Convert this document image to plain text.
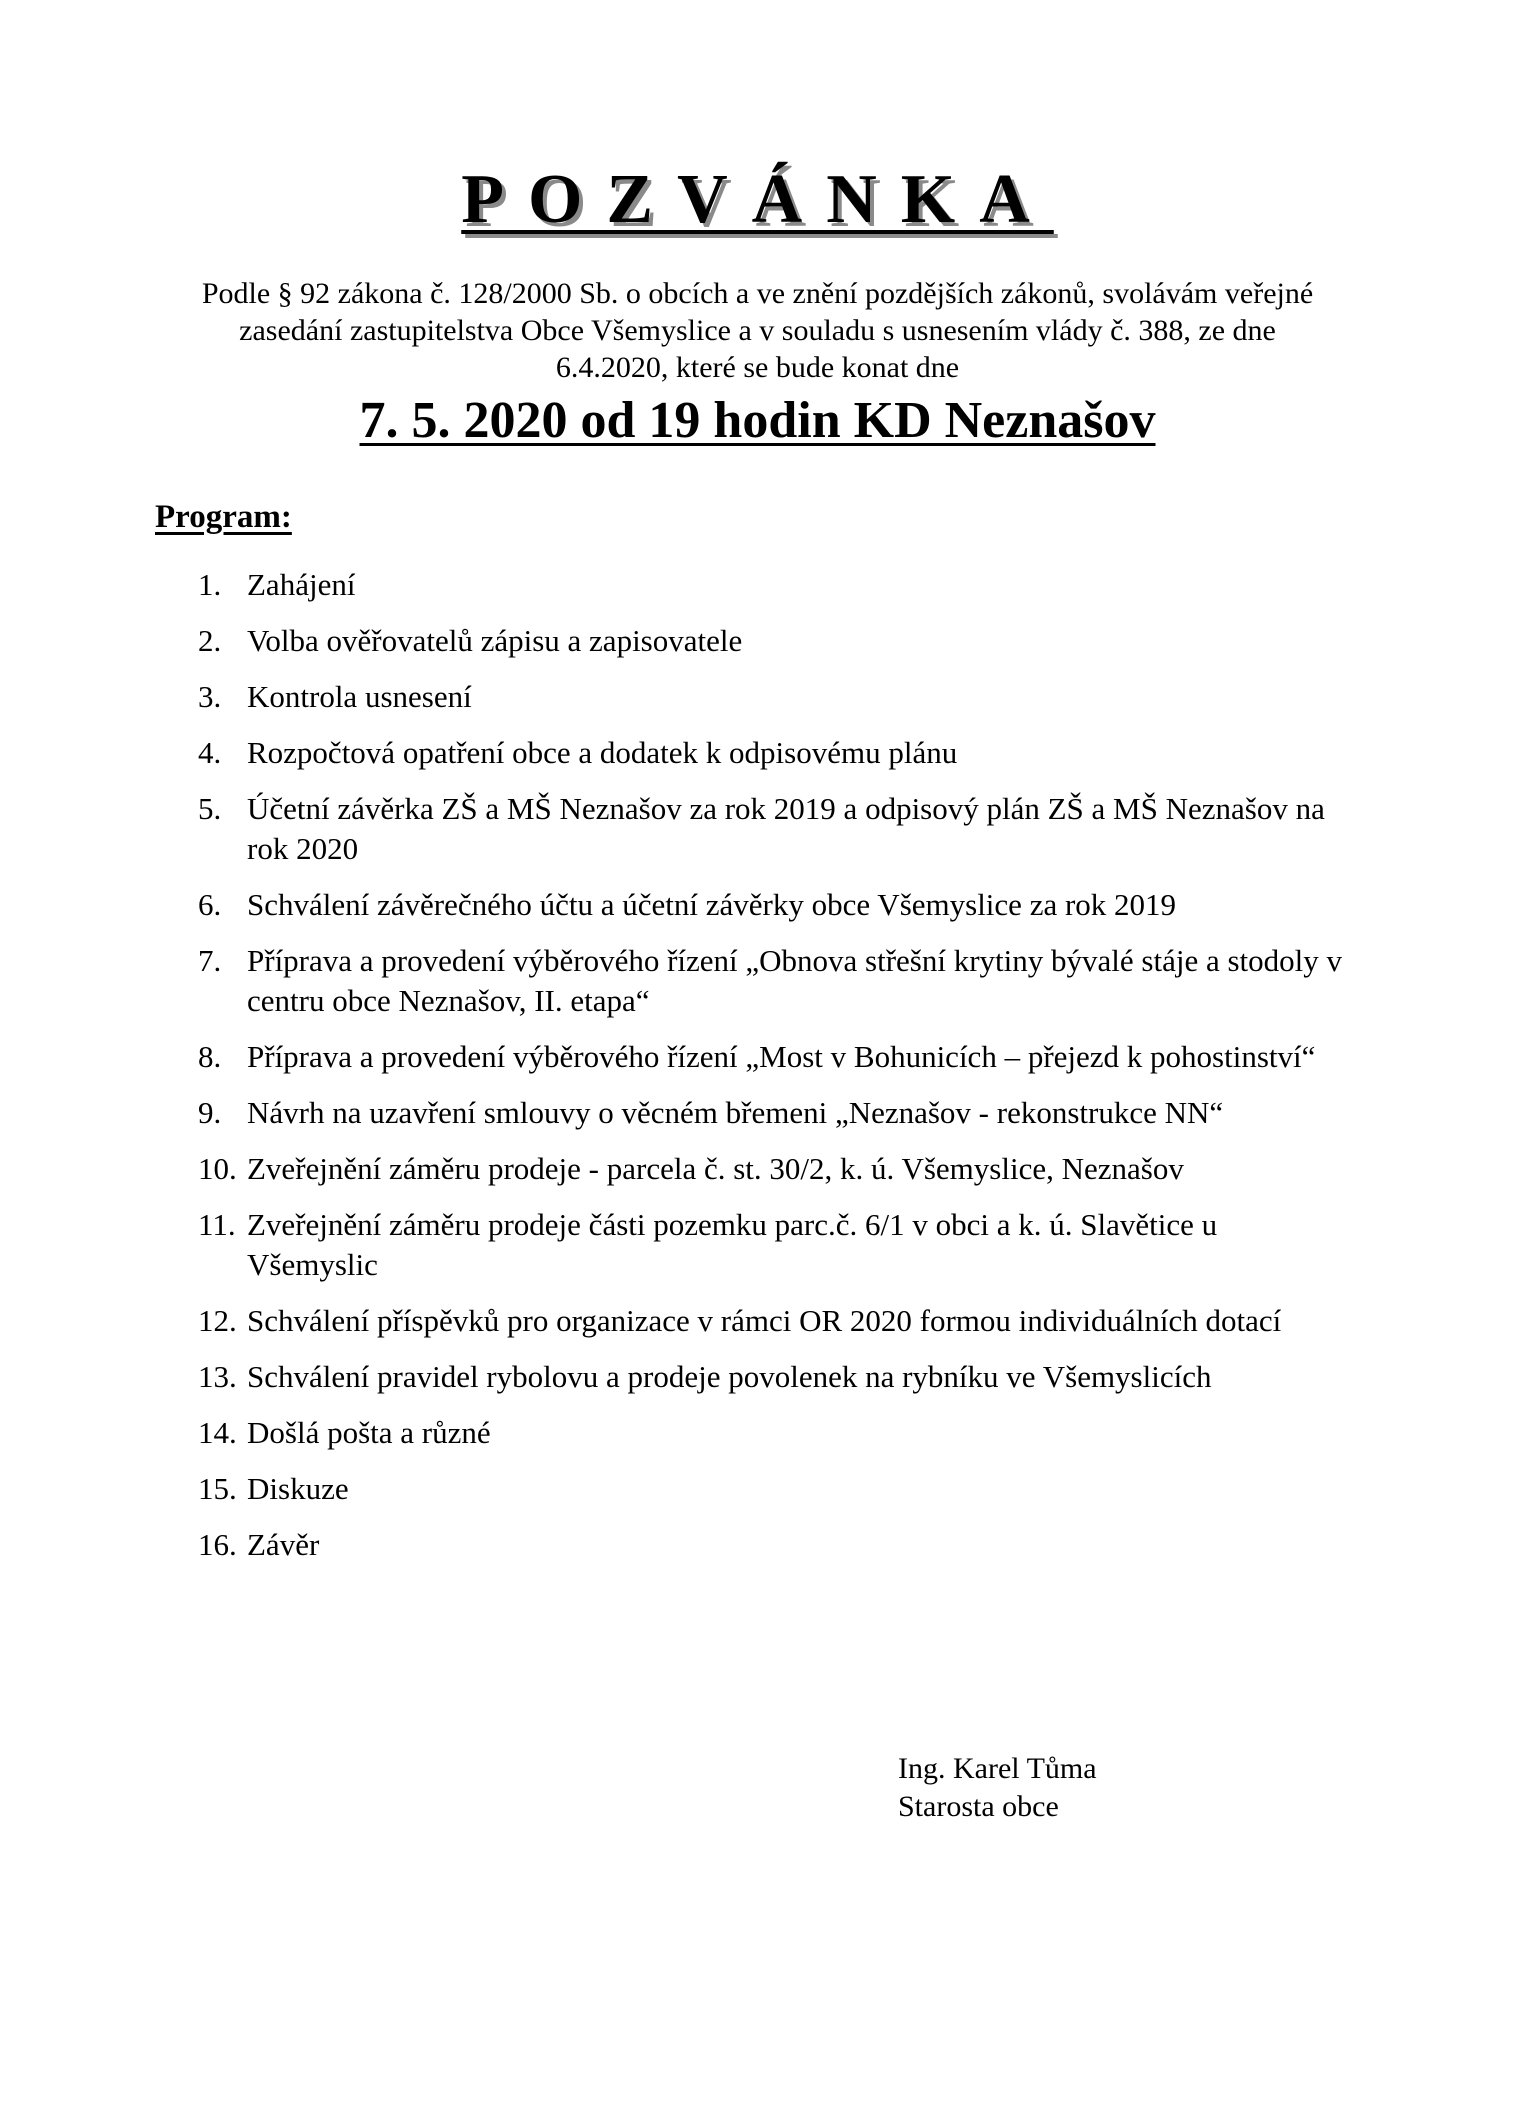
POZVÁNKA
Podle § 92 zákona č. 128/2000 Sb. o obcích a ve znění pozdějších zákonů, svolávám veřejné
zasedání zastupitelstva Obce Všemyslice a v souladu s usnesením vlády č. 388, ze dne
6.4.2020, které se bude konat dne
7. 5. 2020 od 19 hodin KD Neznašov
Program:
1. Zahájení
2. Volba ověřovatelů zápisu a zapisovatele
3. Kontrola usnesení
4. Rozpočtová opatření obce a dodatek k odpisovému plánu
5. Účetní závěrka ZŠ a MŠ Neznašov za rok 2019 a odpisový plán ZŠ a MŠ Neznašov na rok 2020
6. Schválení závěrečného účtu a účetní závěrky obce Všemyslice za rok 2019
7. Příprava a provedení výběrového řízení „Obnova střešní krytiny bývalé stáje a stodoly v centru obce Neznašov, II. etapa“
8. Příprava a provedení výběrového řízení „Most v Bohunicích – přejezd k pohostinství“
9. Návrh na uzavření smlouvy o věcném břemeni „Neznašov - rekonstrukce NN“
10. Zveřejnění záměru prodeje - parcela č. st. 30/2, k. ú. Všemyslice, Neznašov
11. Zveřejnění záměru prodeje části pozemku parc.č. 6/1 v obci a k. ú. Slavětice u Všemyslic
12. Schválení příspěvků pro organizace v rámci OR 2020 formou individuálních dotací
13. Schválení pravidel rybolovu a prodeje povolenek na rybníku ve Všemyslicích
14. Došlá pošta a různé
15. Diskuze
16. Závěr
Ing. Karel Tůma
Starosta obce
